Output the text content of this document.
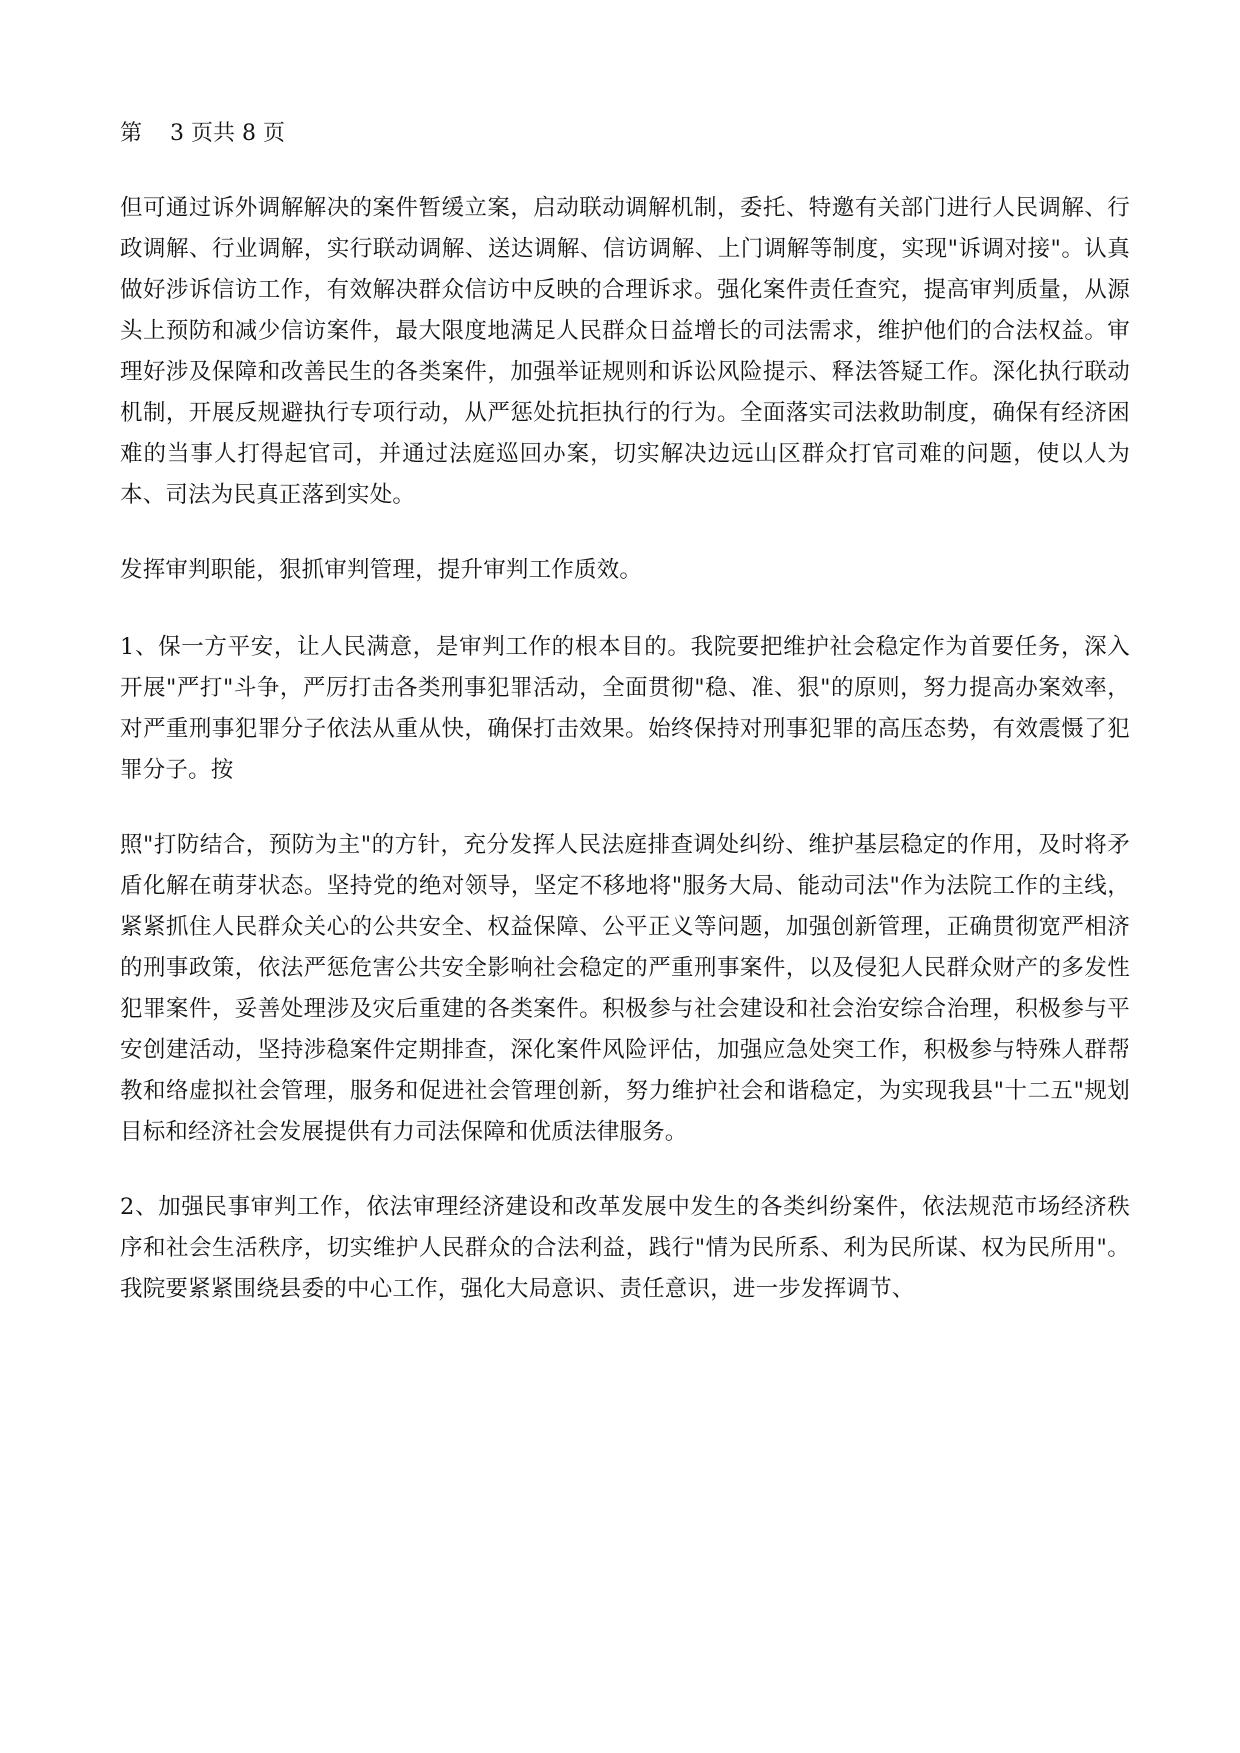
第    3 页共 8 页

但可通过诉外调解解决的案件暂缓立案，启动联动调解机制，委托、特邀有关部门进行人民调解、行政调解、行业调解，实行联动调解、送达调解、信访调解、上门调解等制度，实现"诉调对接"。认真做好涉诉信访工作，有效解决群众信访中反映的合理诉求。强化案件责任查究，提高审判质量，从源头上预防和减少信访案件，最大限度地满足人民群众日益增长的司法需求，维护他们的合法权益。审理好涉及保障和改善民生的各类案件，加强举证规则和诉讼风险提示、释法答疑工作。深化执行联动机制，开展反规避执行专项行动，从严惩处抗拒执行的行为。全面落实司法救助制度，确保有经济困难的当事人打得起官司，并通过法庭巡回办案，切实解决边远山区群众打官司难的问题，使以人为本、司法为民真正落到实处。

发挥审判职能，狠抓审判管理，提升审判工作质效。

1、保一方平安，让人民满意，是审判工作的根本目的。我院要把维护社会稳定作为首要任务，深入开展"严打"斗争，严厉打击各类刑事犯罪活动，全面贯彻"稳、准、狠"的原则，努力提高办案效率，对严重刑事犯罪分子依法从重从快，确保打击效果。始终保持对刑事犯罪的高压态势，有效震慑了犯罪分子。按

照"打防结合，预防为主"的方针，充分发挥人民法庭排查调处纠纷、维护基层稳定的作用，及时将矛盾化解在萌芽状态。坚持党的绝对领导，坚定不移地将"服务大局、能动司法"作为法院工作的主线，紧紧抓住人民群众关心的公共安全、权益保障、公平正义等问题，加强创新管理，正确贯彻宽严相济的刑事政策，依法严惩危害公共安全影响社会稳定的严重刑事案件，以及侵犯人民群众财产的多发性犯罪案件，妥善处理涉及灾后重建的各类案件。积极参与社会建设和社会治安综合治理，积极参与平安创建活动，坚持涉稳案件定期排查，深化案件风险评估，加强应急处突工作，积极参与特殊人群帮教和络虚拟社会管理，服务和促进社会管理创新，努力维护社会和谐稳定，为实现我县"十二五"规划目标和经济社会发展提供有力司法保障和优质法律服务。

2、加强民事审判工作，依法审理经济建设和改革发展中发生的各类纠纷案件，依法规范市场经济秩序和社会生活秩序，切实维护人民群众的合法利益，践行"情为民所系、利为民所谋、权为民所用"。我院要紧紧围绕县委的中心工作，强化大局意识、责任意识，进一步发挥调节、
